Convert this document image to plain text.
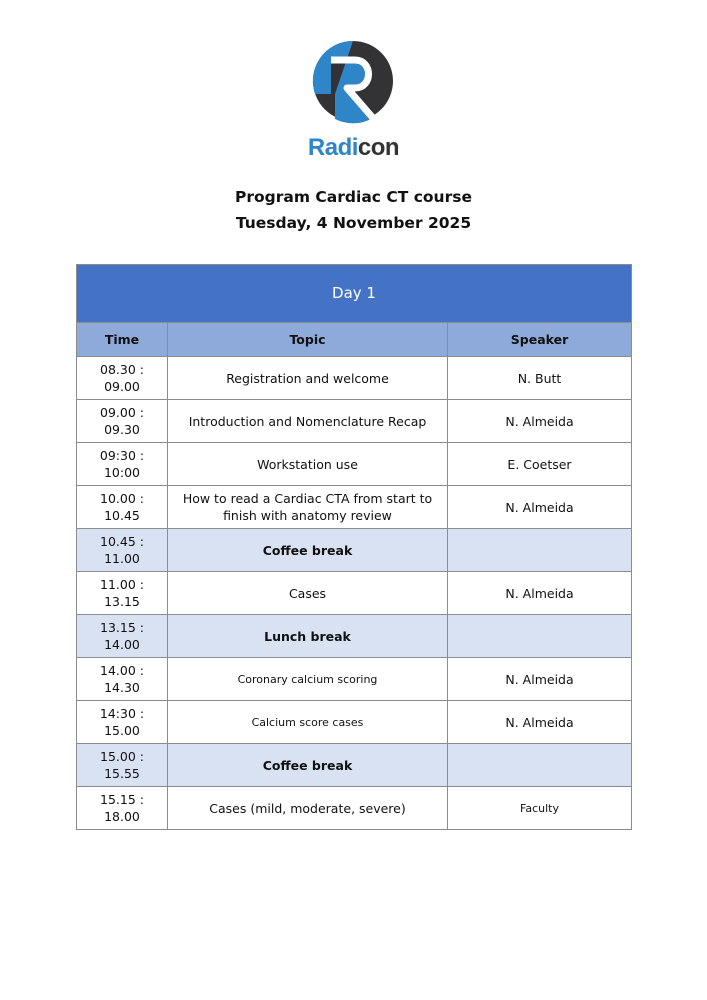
Radicon
Program Cardiac CT course
Tuesday, 4 November 2025
Day 1		
Time	Topic	Speaker
08.30 : 09.00	Registration and welcome	N. Butt
09.00 : 09.30	Introduction and Nomenclature Recap	N. Almeida
09:30 : 10:00	Workstation use	E. Coetser
10.00 : 10.45	How to read a Cardiac CTA from start to finish with anatomy review	N. Almeida
10.45 : 11.00	Coffee break	
11.00 : 13.15	Cases	N. Almeida
13.15 : 14.00	Lunch break	
14.00 : 14.30	Coronary calcium scoring	N. Almeida
14:30 : 15.00	Calcium score cases	N. Almeida
15.00 : 15.55	Coffee break	
15.15 : 18.00	Cases (mild, moderate, severe)	Faculty
